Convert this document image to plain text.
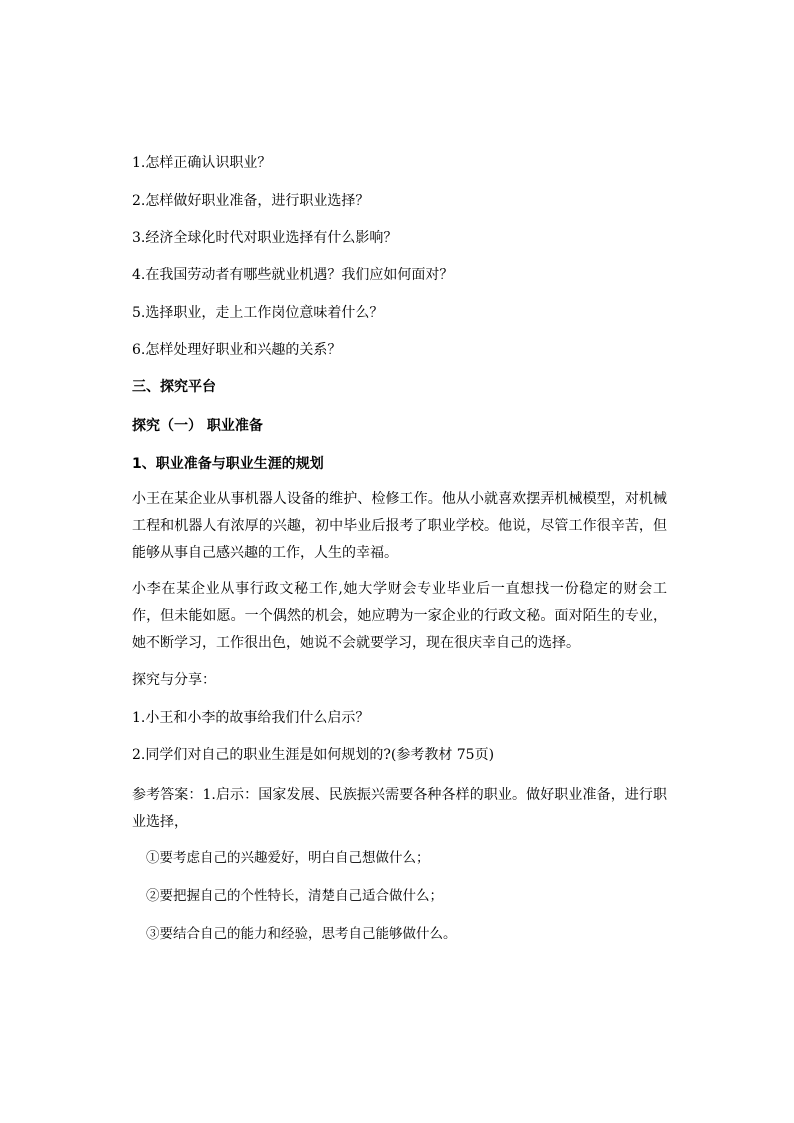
1.怎样正确认识职业？
2.怎样做好职业准备，进行职业选择？
3.经济全球化时代对职业选择有什么影响？
4.在我国劳动者有哪些就业机遇？我们应如何面对？
5.选择职业，走上工作岗位意味着什么？
6.怎样处理好职业和兴趣的关系？
三、探究平台
探究（一） 职业准备
1、职业准备与职业生涯的规划
小王在某企业从事机器人设备的维护、检修工作。他从小就喜欢摆弄机械模型，对机械工程和机器人有浓厚的兴趣，初中毕业后报考了职业学校。他说，尽管工作很辛苦，但能够从事自己感兴趣的工作，人生的幸福。
小李在某企业从事行政文秘工作,她大学财会专业毕业后一直想找一份稳定的财会工作，但未能如愿。一个偶然的机会，她应聘为一家企业的行政文秘。面对陌生的专业，她不断学习，工作很出色，她说不会就要学习，现在很庆幸自己的选择。
探究与分享：
1.小王和小李的故事给我们什么启示？
2.同学们对自己的职业生涯是如何规划的?(参考教材 75页)
参考答案：1.启示：国家发展、民族振兴需要各种各样的职业。做好职业准备，进行职业选择，
①要考虑自己的兴趣爱好，明白自己想做什么；
②要把握自己的个性特长，清楚自己适合做什么；
③要结合自己的能力和经验，思考自己能够做什么。
